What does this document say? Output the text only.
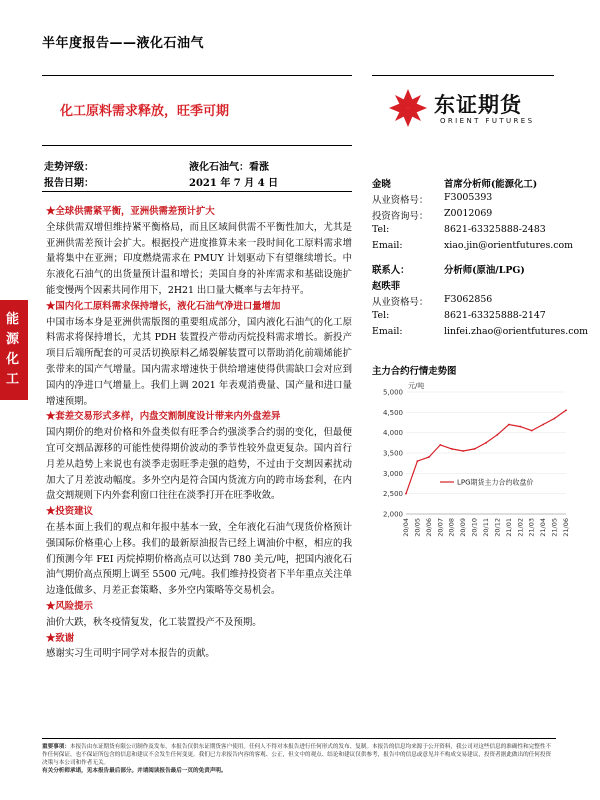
半年度报告——液化石油气
化工原料需求释放，旺季可期	东证期货
ORIENT FUTURES
走势评级：	液化石油气：看涨
报告日期：	2021 年 7 月 4 日
能源化工
★全球供需紧平衡，亚洲供需差预计扩大
全球供需双增但维持紧平衡格局，而且区域间供需不平衡性加大，尤其是亚洲供需差预计会扩大。根据投产进度推算未来一段时间化工原料需求增量将集中在亚洲；印度燃烧需求在 PMUY 计划驱动下有望继续增长。中东液化石油气的出货量预计温和增长；美国自身的补库需求和基础设施扩能变慢两个因素共同作用下，2H21 出口量大概率与去年持平。
★国内化工原料需求保持增长，液化石油气净进口量增加
中国市场本身是亚洲供需版图的重要组成部分，国内液化石油气的化工原料需求将保持增长，尤其 PDH 装置投产带动丙烷投料需求增长。新投产项目后端所配套的可灵活切换原料乙烯裂解装置可以帮助消化前端烯能扩张带来的国产气增量。国内需求增速快于供给增速使得供需缺口会对应到国内的净进口气增量上。我们上调 2021 年表观消费量、国产量和进口量增速预期。
★套差交易形式多样，内盘交割制度设计带来内外盘差异
国内期价的绝对价格和外盘类似有旺季合约强淡季合约弱的变化，但最便宜可交割品源移的可能性使得期价波动的季节性较外盘更复杂。国内首行月差从趋势上来说也有淡季走弱旺季走强的趋势，不过由于交割因素扰动加大了月差波动幅度。多外空内是符合国内货流方向的跨市场套利，在内盘交割规则下内外套利窗口往往在淡季打开在旺季收敛。
★投资建议
在基本面上我们的观点和年报中基本一致，全年液化石油气现货价格预计强国际价格重心上移。我们的最新原油报告已经上调油价中枢，相应的我们预测今年 FEI 丙烷掉期价格高点可以达到 780 美元/吨，把国内液化石油气期价高点预期上调至 5500 元/吨。我们维持投资者下半年重点关注单边逢低做多、月差正套策略、多外空内策略等交易机会。
★风险提示
油价大跌，秋冬疫情复发，化工装置投产不及预期。
★致谢
感谢实习生司明宇同学对本报告的贡献。
金晓	首席分析师(能源化工)
从业资格号： F3005393
投资咨询号： Z0012069
Tel:	8621-63325888-2483
Email:	xiao.jin@orientfutures.com
联系人：	分析师(原油/LPG)
赵昳菲
从业资格号： F3062856
Tel:	8621-63325888-2147
Email:	linfei.zhao@orientfutures.com
主力合约行情走势图
元/吨
5,000
4,500
4,000
3,500
3,000
2,500
2,000
20/04 20/05 20/06 20/07 20/08 20/09 20/10 20/11 20/12 21/01 21/02 21/03 21/04 21/05 21/06
LPG期货主力合约收盘价
重要事项：本报告由东证期货有限公司制作及发布，本报告仅供东证期货客户使用。任何人不得对本报告进行任何形式的发布、复制。本报告的信息均来源于公开资料，我公司对这些信息的准确性和完整性不作任何保证，也不保证所包含的信息和建议不会发生任何变更。我们已力求报告内容的客观、公正，但文中的观点、结论和建议仅供参考，报告中的信息或意见并不构成交易建议，投资者据此做出的任何投资决策与本公司和作者无关。
有关分析师承诺，见本报告最后部分。并请阅读报告最后一页的免责声明。
